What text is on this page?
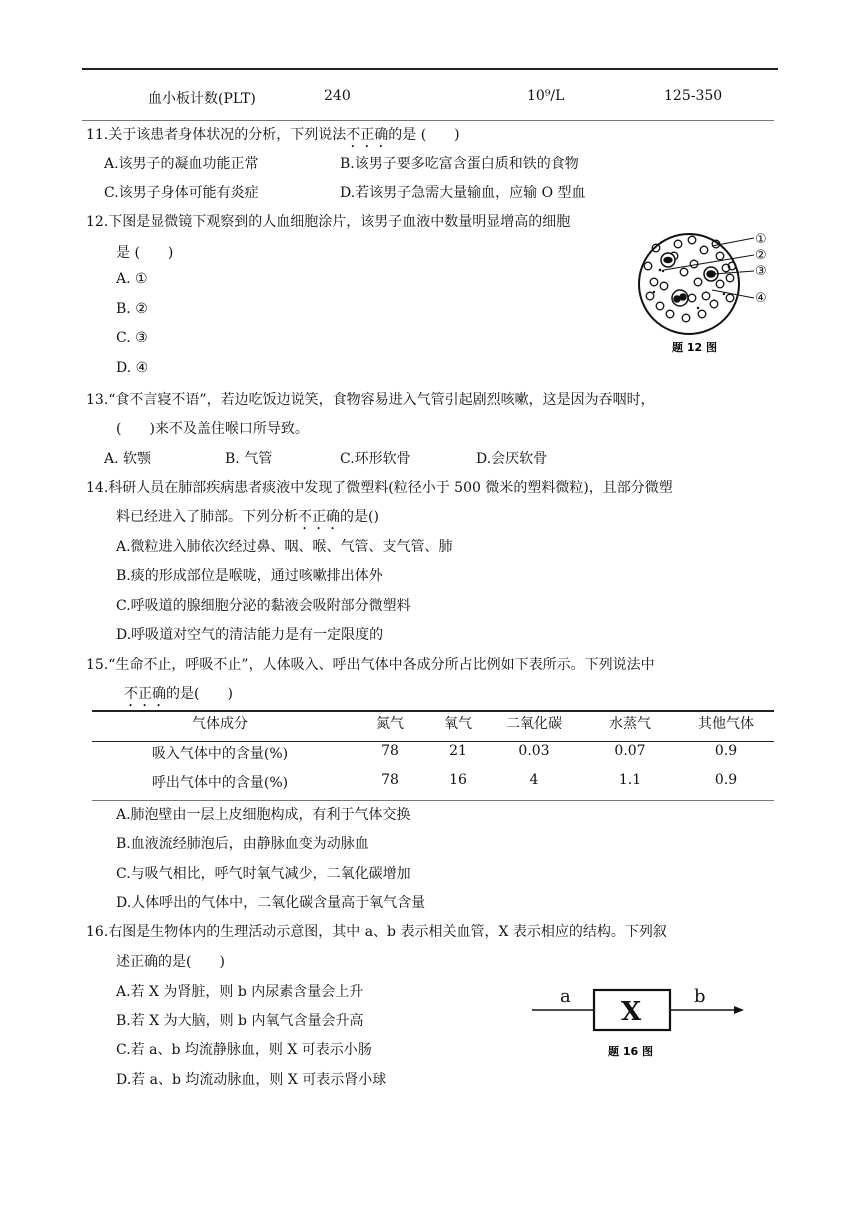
血小板计数(PLT)	240	10⁹/L	125-350
11.关于该患者身体状况的分析，下列说法不正确的是 (　　)
A.该男子的凝血功能正常	B.该男子要多吃富含蛋白质和铁的食物
C.该男子身体可能有炎症	D.若该男子急需大量输血，应输 O 型血
12.下图是显微镜下观察到的人血细胞涂片，该男子血液中数量明显增高的细胞
是 (　　)
A. ①
B. ②
C. ③
D. ④
①
②
③
④
题 12 图
13.“食不言寝不语”，若边吃饭边说笑，食物容易进入气管引起剧烈咳嗽，这是因为吞咽时，
(　　)来不及盖住喉口所导致。
A. 软颚	B. 气管	C.环形软骨	D.会厌软骨
14.科研人员在肺部疾病患者痰液中发现了微塑料(粒径小于 500 微米的塑料微粒)，且部分微塑
料已经进入了肺部。下列分析不正确的是()
A.微粒进入肺依次经过鼻、咽、喉、气管、支气管、肺
B.痰的形成部位是喉咙，通过咳嗽排出体外
C.呼吸道的腺细胞分泌的黏液会吸附部分微塑料
D.呼吸道对空气的清洁能力是有一定限度的
15.“生命不止，呼吸不止”，人体吸入、呼出气体中各成分所占比例如下表所示。下列说法中
不正确的是(　　)
气体成分	氮气	氧气	二氧化碳	水蒸气	其他气体
吸入气体中的含量(%)	78	21	0.03	0.07	0.9
呼出气体中的含量(%)	78	16	4	1.1	0.9
A.肺泡壁由一层上皮细胞构成，有利于气体交换
B.血液流经肺泡后，由静脉血变为动脉血
C.与吸气相比，呼气时氧气减少，二氧化碳增加
D.人体呼出的气体中，二氧化碳含量高于氧气含量
16.右图是生物体内的生理活动示意图，其中 a、b 表示相关血管，X 表示相应的结构。下列叙
述正确的是(　　)
A.若 X 为肾脏，则 b 内尿素含量会上升
B.若 X 为大脑，则 b 内氧气含量会升高
C.若 a、b 均流静脉血，则 X 可表示小肠
D.若 a、b 均流动脉血，则 X 可表示肾小球
a
X
b
题 16 图
